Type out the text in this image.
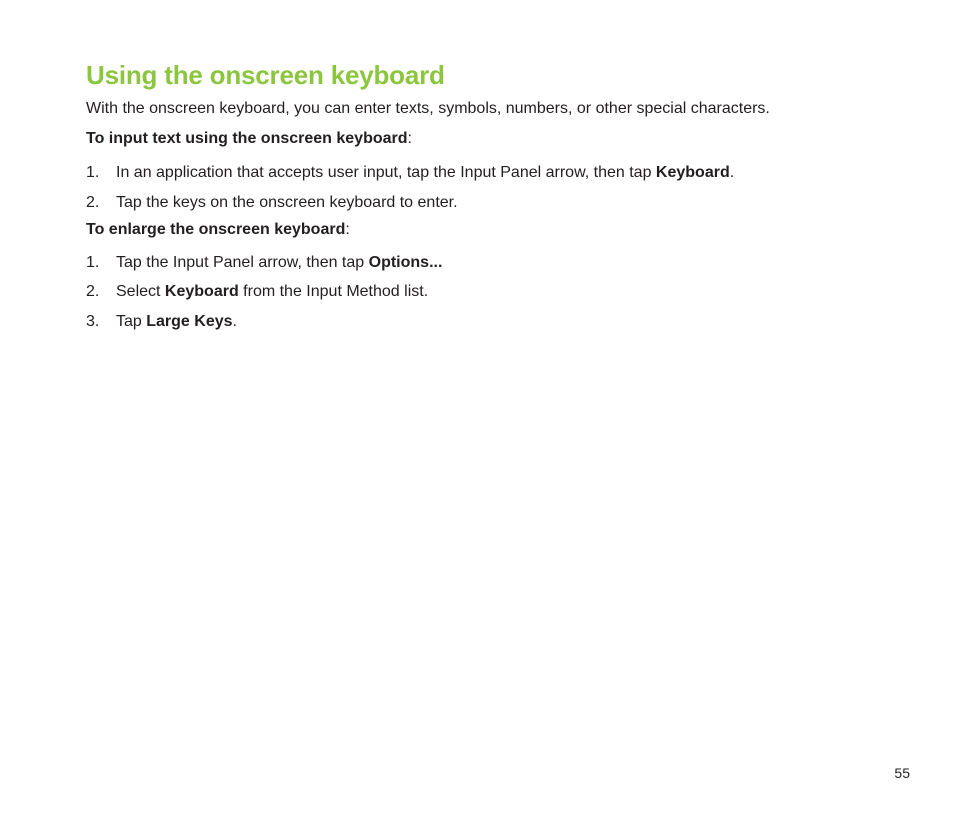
Using the onscreen keyboard
With the onscreen keyboard, you can enter texts, symbols, numbers, or other special characters.
To input text using the onscreen keyboard:
1. In an application that accepts user input, tap the Input Panel arrow, then tap Keyboard.
2. Tap the keys on the onscreen keyboard to enter.
To enlarge the onscreen keyboard:
1. Tap the Input Panel arrow, then tap Options...
2. Select Keyboard from the Input Method list.
3. Tap Large Keys.
55
